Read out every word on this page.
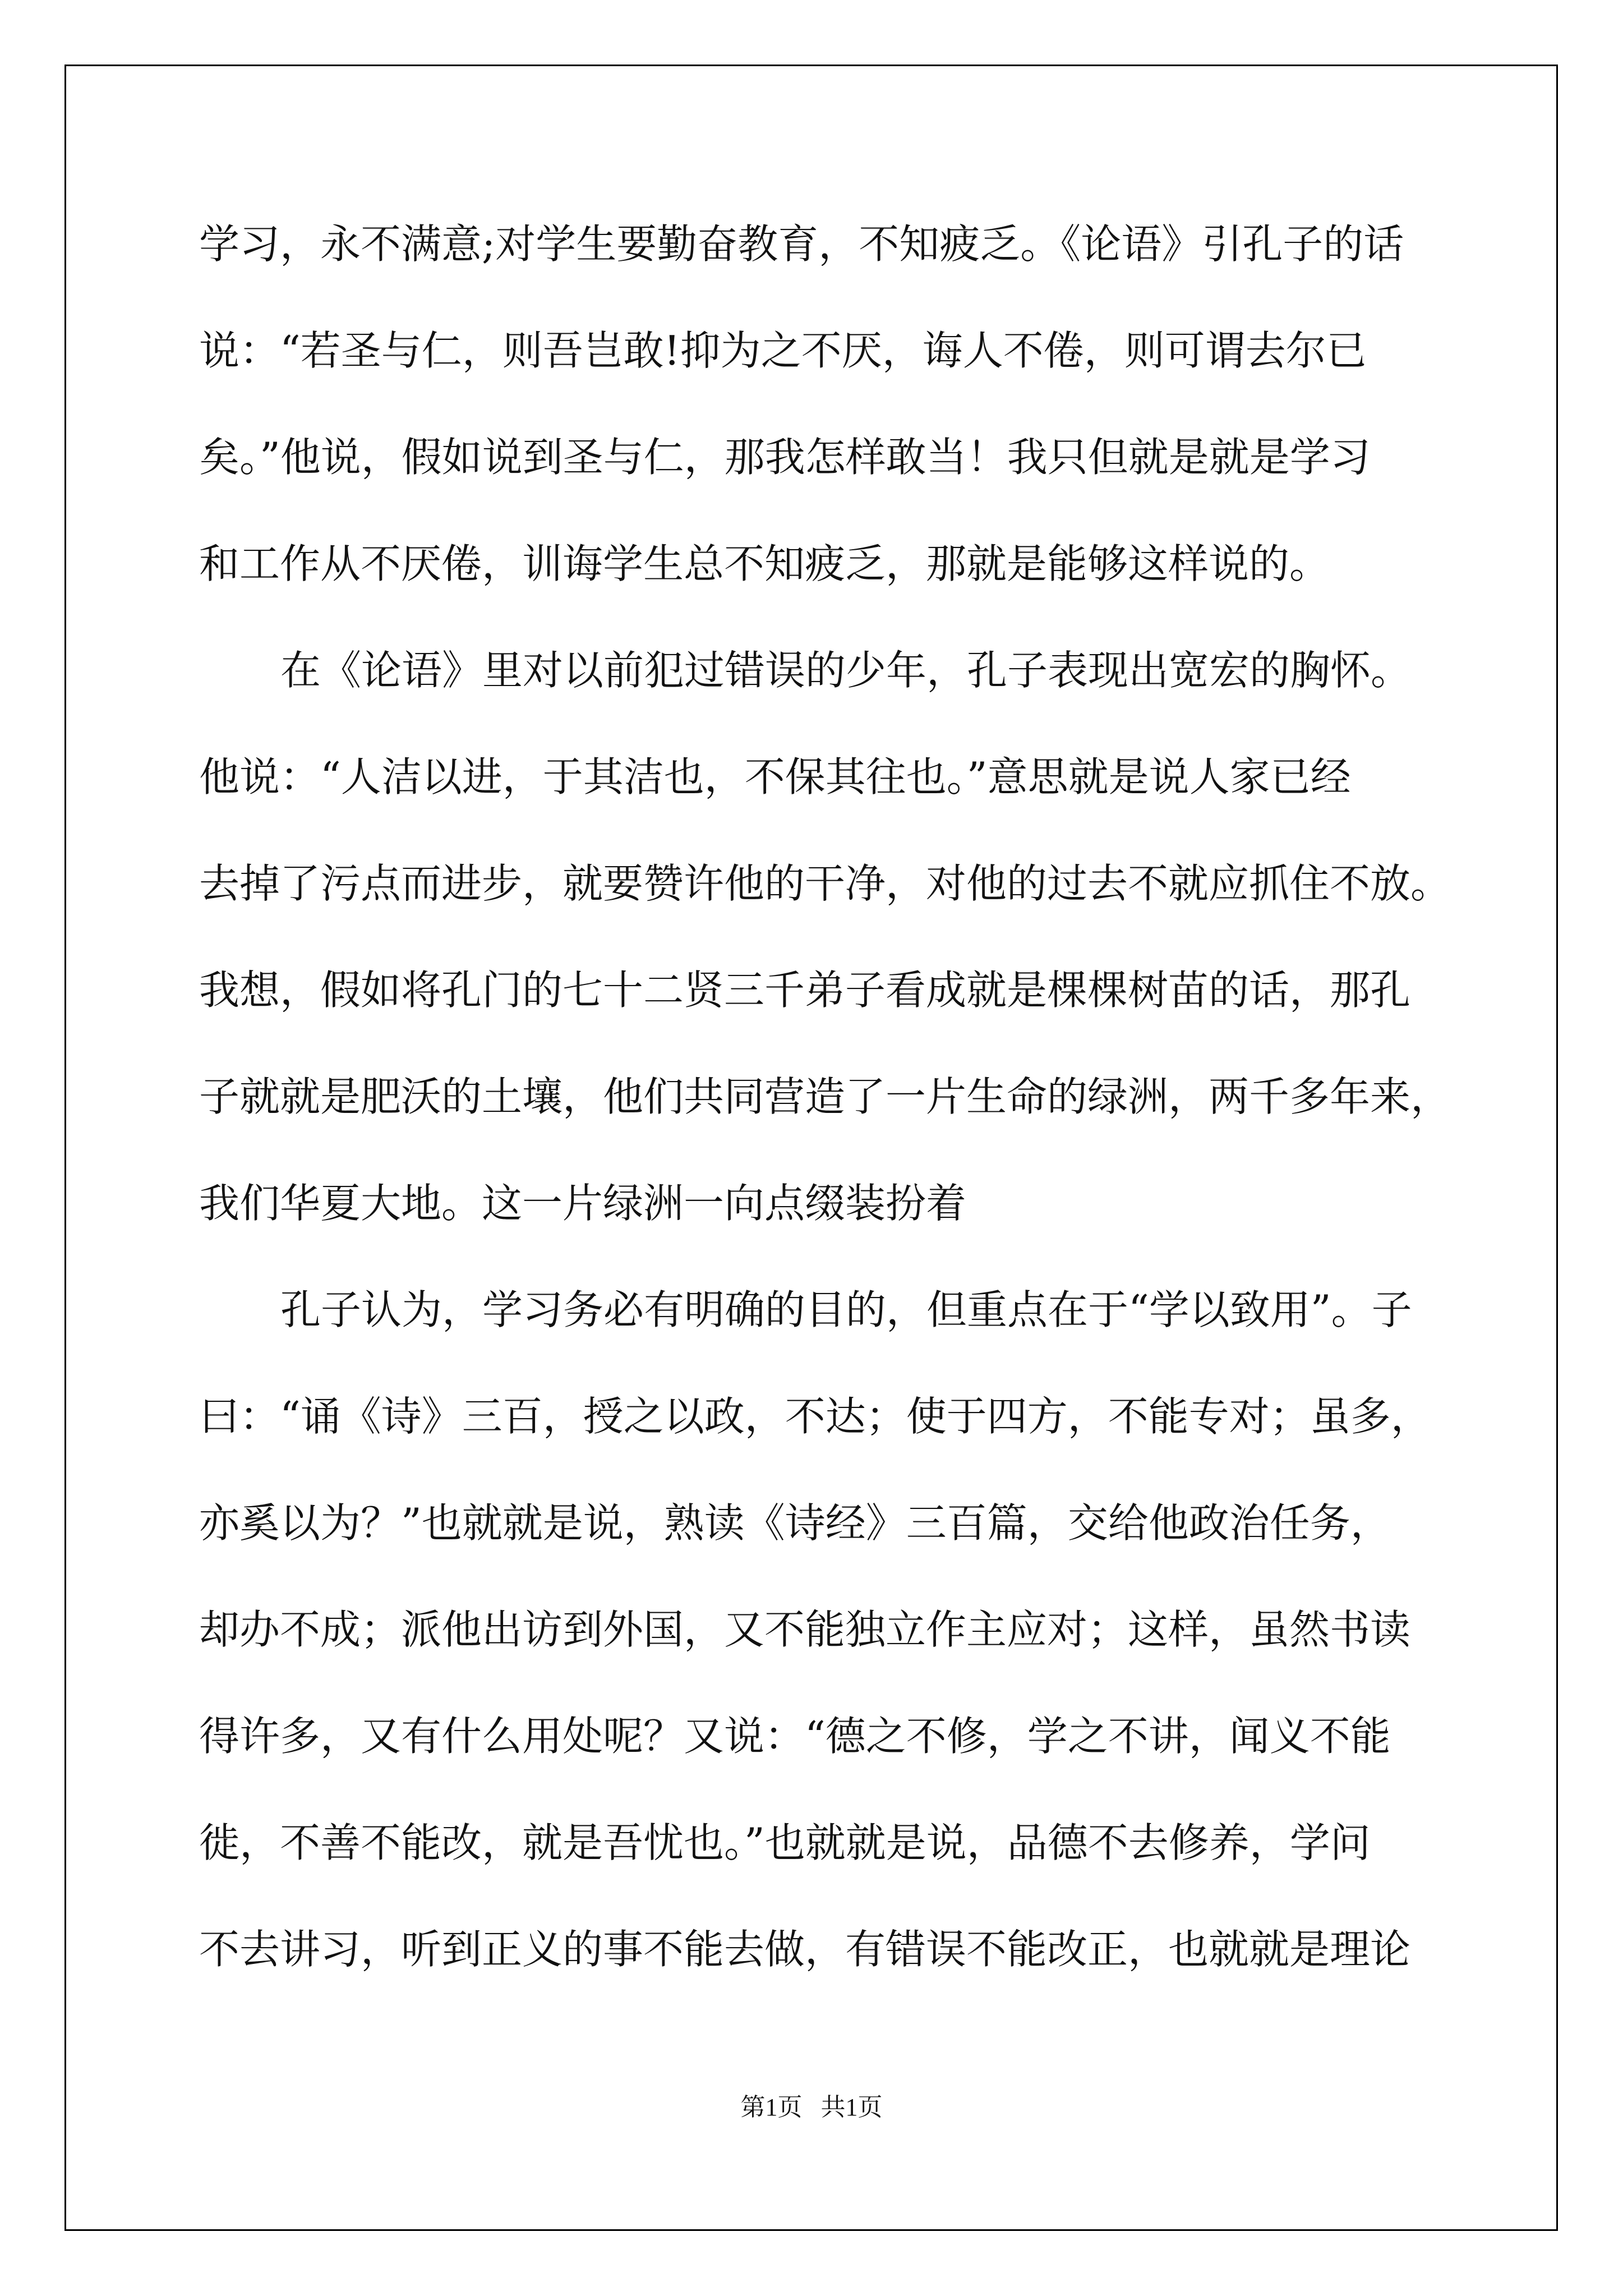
学习，永不满意;对学生要勤奋教育，不知疲乏。《论语》引孔子的话
说：“若圣与仁，则吾岂敢!抑为之不厌，诲人不倦，则可谓去尔已
矣。”他说，假如说到圣与仁，那我怎样敢当！我只但就是就是学习
和工作从不厌倦，训诲学生总不知疲乏，那就是能够这样说的。
在《论语》里对以前犯过错误的少年，孔子表现出宽宏的胸怀。
他说：“人洁以进，于其洁也，不保其往也。”意思就是说人家已经
去掉了污点而进步，就要赞许他的干净，对他的过去不就应抓住不放。
我想，假如将孔门的七十二贤三千弟子看成就是棵棵树苗的话，那孔
子就就是肥沃的土壤，他们共同营造了一片生命的绿洲，两千多年来，
我们华夏大地。这一片绿洲一向点缀装扮着
孔子认为，学习务必有明确的目的，但重点在于“学以致用”。子
曰：“诵《诗》三百，授之以政，不达；使于四方，不能专对；虽多，
亦奚以为？”也就就是说，熟读《诗经》三百篇，交给他政治任务，
却办不成；派他出访到外国，又不能独立作主应对；这样，虽然书读
得许多，又有什么用处呢？又说：“德之不修，学之不讲，闻义不能
徙，不善不能改，就是吾忧也。”也就就是说，品德不去修养，学问
不去讲习，听到正义的事不能去做，有错误不能改正，也就就是理论
第1页   共1页
